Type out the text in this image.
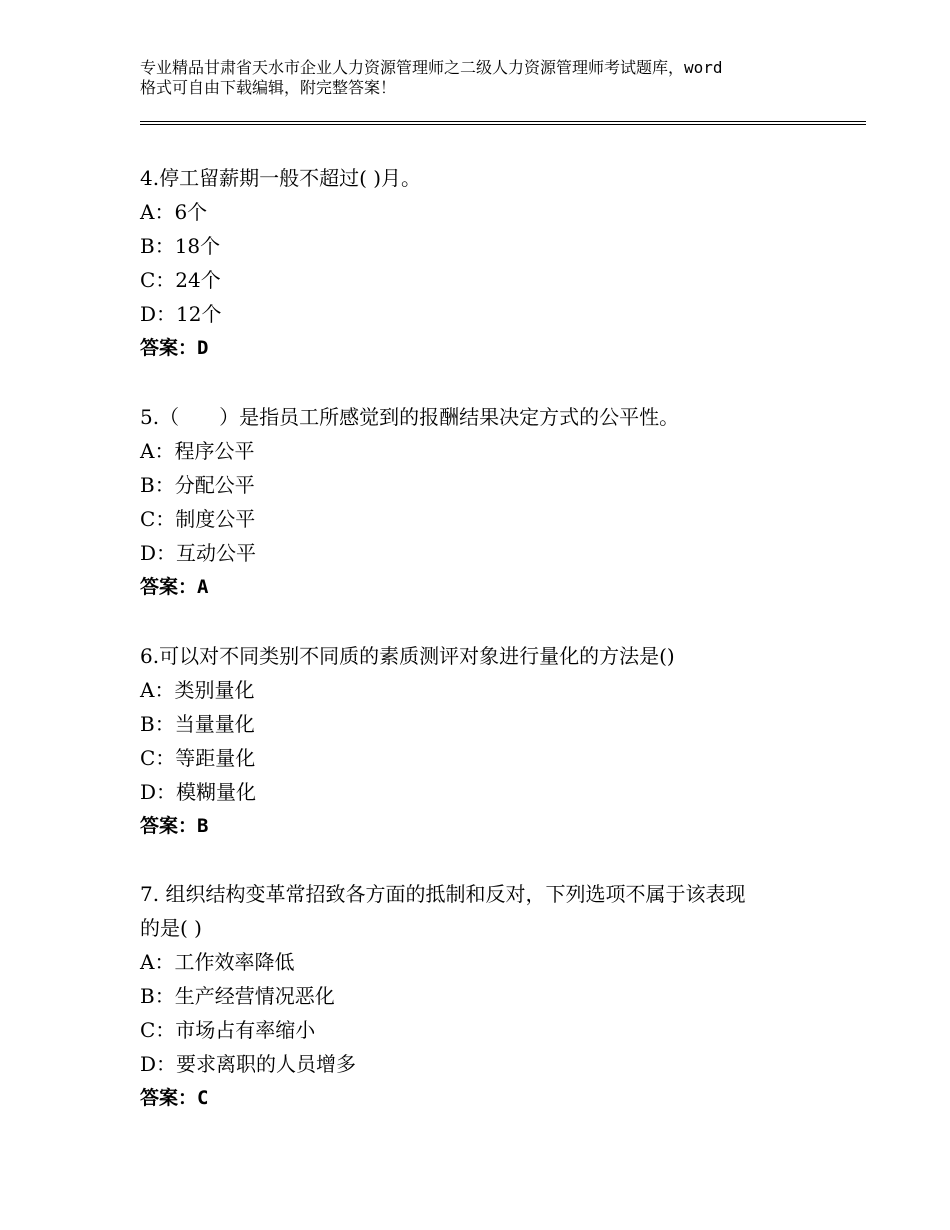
专业精品甘肃省天水市企业人力资源管理师之二级人力资源管理师考试题库，word
格式可自由下载编辑，附完整答案！
4.停工留薪期一般不超过( )月。
A：6个
B：18个
C：24个
D：12个
答案：D
5.（　　）是指员工所感觉到的报酬结果决定方式的公平性。
A：程序公平
B：分配公平
C：制度公平
D：互动公平
答案：A
6.可以对不同类别不同质的素质测评对象进行量化的方法是()
A：类别量化
B：当量量化
C：等距量化
D：模糊量化
答案：B
7. 组织结构变革常招致各方面的抵制和反对，下列选项不属于该表现
的是( )
A：工作效率降低
B：生产经营情况恶化
C：市场占有率缩小
D：要求离职的人员增多
答案：C
